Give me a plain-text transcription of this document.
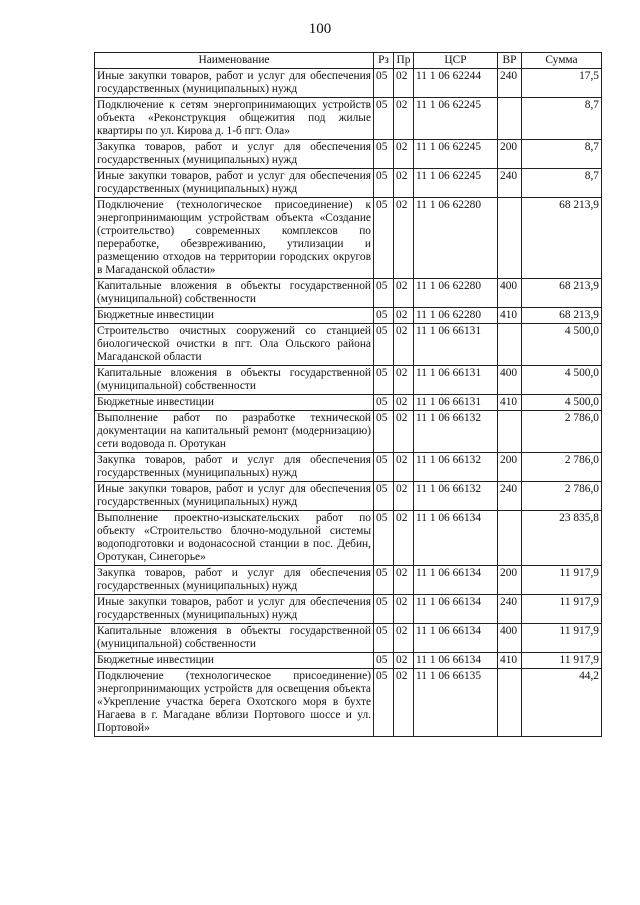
100
Наименование	Рз	Пр	ЦСР	ВР	Сумма
Иные закупки товаров, работ и услуг для обеспечения государственных (муниципальных) нужд	05	02	11 1 06 62244	240	17,5
Подключение к сетям энергопринимающих устройств объекта «Реконструкция общежития под жилые квартиры по ул. Кирова д. 1-б пгт. Ола»	05	02	11 1 06 62245		8,7
Закупка товаров, работ и услуг для обеспечения государственных (муниципальных) нужд	05	02	11 1 06 62245	200	8,7
Иные закупки товаров, работ и услуг для обеспечения государственных (муниципальных) нужд	05	02	11 1 06 62245	240	8,7
Подключение (технологическое присоединение) к энергопринимающим устройствам объекта «Создание (строительство) современных комплексов по переработке, обезвреживанию, утилизации и размещению отходов на территории городских округов в Магаданской области»	05	02	11 1 06 62280		68 213,9
Капитальные вложения в объекты государственной (муниципальной) собственности	05	02	11 1 06 62280	400	68 213,9
Бюджетные инвестиции	05	02	11 1 06 62280	410	68 213,9
Строительство очистных сооружений со станцией биологической очистки в пгт. Ола Ольского района Магаданской области	05	02	11 1 06 66131		4 500,0
Капитальные вложения в объекты государственной (муниципальной) собственности	05	02	11 1 06 66131	400	4 500,0
Бюджетные инвестиции	05	02	11 1 06 66131	410	4 500,0
Выполнение работ по разработке технической документации на капитальный ремонт (модернизацию) сети водовода п. Оротукан	05	02	11 1 06 66132		2 786,0
Закупка товаров, работ и услуг для обеспечения государственных (муниципальных) нужд	05	02	11 1 06 66132	200	2 786,0
Иные закупки товаров, работ и услуг для обеспечения государственных (муниципальных) нужд	05	02	11 1 06 66132	240	2 786,0
Выполнение проектно-изыскательских работ по объекту «Строительство блочно-модульной системы водоподготовки и водонасосной станции в пос. Дебин, Оротукан, Синегорье»	05	02	11 1 06 66134		23 835,8
Закупка товаров, работ и услуг для обеспечения государственных (муниципальных) нужд	05	02	11 1 06 66134	200	11 917,9
Иные закупки товаров, работ и услуг для обеспечения государственных (муниципальных) нужд	05	02	11 1 06 66134	240	11 917,9
Капитальные вложения в объекты государственной (муниципальной) собственности	05	02	11 1 06 66134	400	11 917,9
Бюджетные инвестиции	05	02	11 1 06 66134	410	11 917,9
Подключение (технологическое присоединение) энергопринимающих устройств для освещения объекта «Укрепление участка берега Охотского моря в бухте Нагаева в г. Магадане вблизи Портового шоссе и ул. Портовой»	05	02	11 1 06 66135		44,2
